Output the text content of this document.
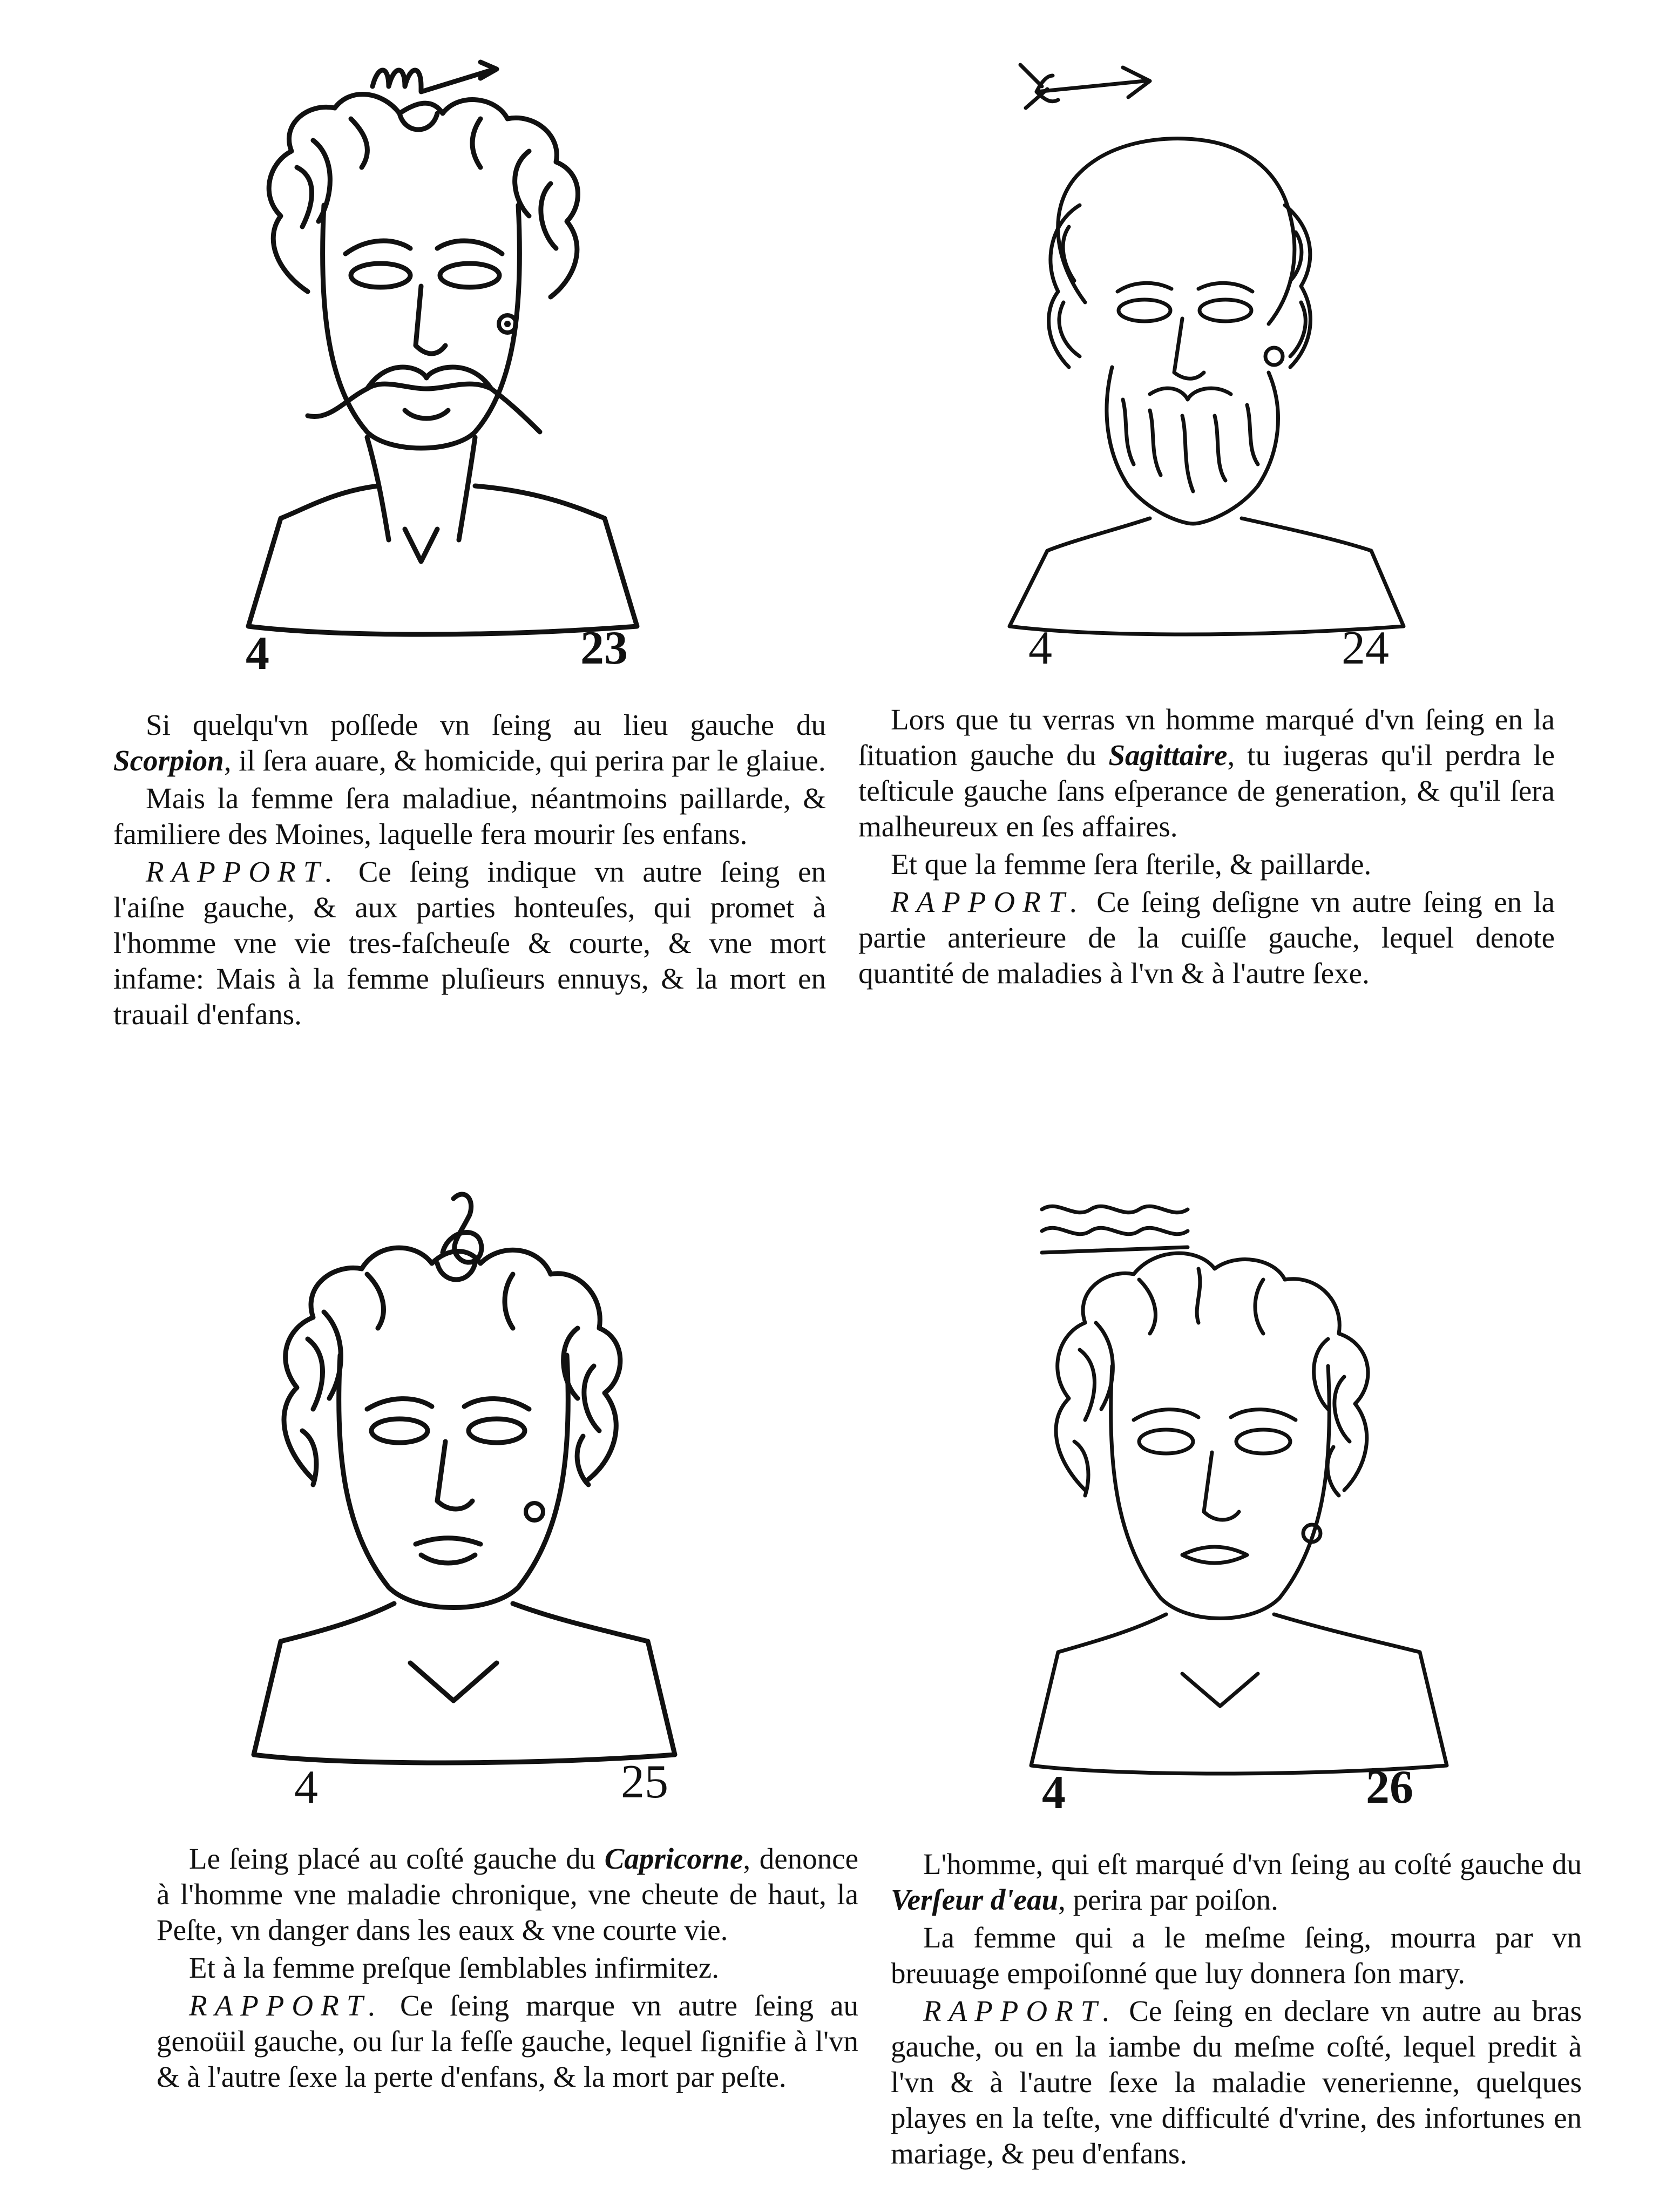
4	23

Si quelqu'vn poſſede vn ſeing au lieu gauche du Scorpion, il ſera auare, & homicide, qui perira par le glaiue.

Mais la femme ſera maladiue, néantmoins paillarde, & familiere des Moines, laquelle fera mourir ſes enfans.

RAPPORT. Ce ſeing indique vn autre ſeing en l'aiſne gauche, & aux parties honteuſes, qui promet à l'homme vne vie tres-faſcheuſe & courte, & vne mort infame: Mais à la femme pluſieurs ennuys, & la mort en trauail d'enfans.

4	24

Lors que tu verras vn homme marqué d'vn ſeing en la ſituation gauche du Sagittaire, tu iugeras qu'il perdra le teſticule gauche ſans eſperance de generation, & qu'il ſera malheureux en ſes affaires.

Et que la femme ſera ſterile, & paillarde.

RAPPORT. Ce ſeing deſigne vn autre ſeing en la partie anterieure de la cuiſſe gauche, lequel denote quantité de maladies à l'vn & à l'autre ſexe.

4	25

Le ſeing placé au coſté gauche du Capricorne, denonce à l'homme vne maladie chronique, vne cheute de haut, la Peſte, vn danger dans les eaux & vne courte vie.

Et à la femme preſque ſemblables infirmitez.

RAPPORT. Ce ſeing marque vn autre ſeing au genoüil gauche, ou ſur la feſſe gauche, lequel ſignifie à l'vn & à l'autre ſexe la perte d'enfans, & la mort par peſte.

4	26

L'homme, qui eſt marqué d'vn ſeing au coſté gauche du Verſeur d'eau, perira par poiſon.

La femme qui a le meſme ſeing, mourra par vn breuuage empoiſonné que luy donnera ſon mary.

RAPPORT. Ce ſeing en declare vn autre au bras gauche, ou en la iambe du meſme coſté, lequel predit à l'vn & à l'autre ſexe la maladie venerienne, quelques playes en la teſte, vne difficulté d'vrine, des infortunes en mariage, & peu d'enfans.
